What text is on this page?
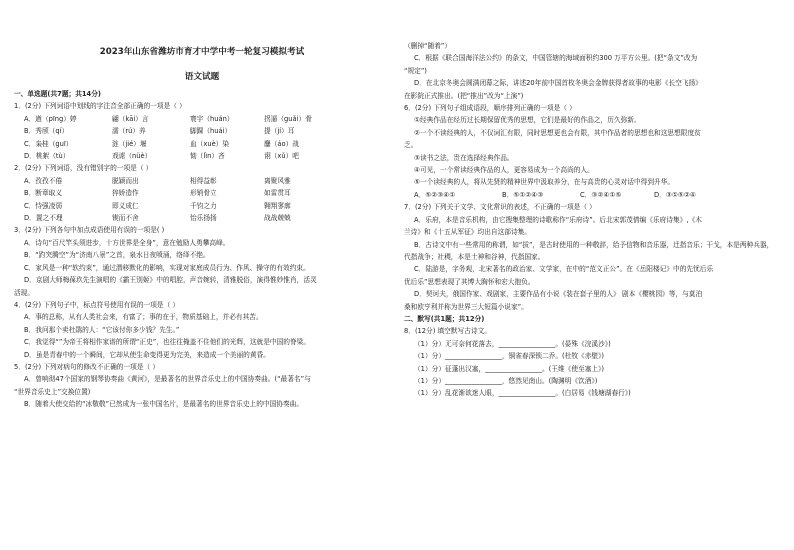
2023年山东省潍坊市育才中学中考一轮复习模拟考试
语文试题
一、单选题(共7题；共14分)
1．(2分) 下列词语中划线的字注音全部正确的一项是（ ）
A．遒（pīng）婷	翩（kāi）言	寰宇（huán）	拐逼（guǎi）骨
B．秀颀（qí）	濡（rú）养	脚踝（huái）	提（jí）耳
C．枭桂（guī）	涟（jié）堰	血（xuè）染	鏖（áo）战
D．桃絮（tù）	戏谑（nüè）	恸（lìn）吝	诩（xǔ）吧
2．(2分) 下列词语，没有错别字的一项是（ ）
A．孜孜不倦	脱颖而出	相得益彰	离聚风雅
B．断章取义	猝娇造作	形销骨立	如雷贯耳
C．恃强凌弱	即义成仁	千钧之力	翱翔寥廓
D．置之不理	锲而不舍	怡乐扬扬	战战兢兢
3．(2分) 下列各句中加点成语使用有误的一项是( )
A．诗句“百尺竿头须进步，十方世界是全身”，意在勉励人勇攀高峰。
B．“趵突腾空”为“济南八景”之首，泉水日夜喷涌，络绎不绝。
C．家风是一种“软约束”，通过潜移默化的影响，实现对家庭成员行为、作风、操守的有效约束。
D．京剧大师梅葆玖先生演唱的《霸王别姬》中的唱腔，声音婉转，清雅脱俗，演得惟妙惟肖，活灵
活现。
4．(2分) 下列句子中，标点符号使用有误的一项是（ ）
A．事的总称，从有人类社会来，有富了；事的在于，物质基础上，并必有其苦。
B．我问那个卖杜鹃的人：“它该付你多少钱？先生。”
C．我觉得“”为帝王将相作家谱的所谓“正史”，也往往掩盖不住他们的光辉，这就是中国的脊梁。
D．虽是青春中的一个瞬间，它却从使生命变得更为完美，来造成一个美丽的黄昏。
5．(2分) 下列对病句的修改不正确的一项是（ ）
A．曾响彻47个国家的钢琴协奏曲《黄河》，是最著名的世界音乐史上的中国协奏曲。(“最著名”与
“世界音乐史上”交换位置)
B．随着大使交给的“冰敬敬”已然成为一张中国名片，是最著名的世界音乐史上的中国协奏曲。
（删掉“随着”）
C．根据《联合国海洋法公约》的条文，中国管辖的海域面积约300 万平方公里。(把“条文”改为
“规定”)
D．在北京冬奥会圆满闭幕之际，讲述20年前中国首枚冬奥会金牌获得者故事的电影《长空飞扬》
在影院正式推出。(把“推出”改为“上演”)
6．(2分) 下列句子组成语段，顺序排列正确的一项是（ ）
①经典作品在经历过长期保留优秀的思想，它们是最好的作品之，历久弥新。
②一个不读经典的人，不仅词汇有限，同时思想更也会有限，其中作品者的思想也和这思想限度贫
乏。
③读书之法，贵在选择经典作品。
④可见，一个常读经典作品的人，更容易成为一个高尚的人。
⑤一个读经典的人，将从先贤的精神世界中汲取养分，在与高贵的心灵对话中得到升华。
A．⑤②③④①	B．⑤①②④③	C．③②④①⑤	D．③①⑤②④
7．(2分) 下列关于文学、文化常识的表述，不正确的一项是（ ）
A．乐府，本是音乐机构，由它搜集整理的诗歌称作“乐府诗”。后北宋郭茂倩编《乐府诗集》,《木
兰诗》和《十五从军征》均出自这部诗集。
B．古诗文中有一些常用的称谓，如“拔”，是古时使用的一种敬辞，给予信物和音乐器，迁指音乐；干戈，本是两种兵器，
代指战争；社稷，本是土神和谷神，代指国家。
C．陆游是，字务观，北宋著名的政治家、文学家，在中的“范文正公”。在《岳阳楼记》中的先忧后乐
优后乐”思想表现了其博大胸怀和宏大抱负。
D．契诃夫，俄国作家、戏剧家，主要作品有小说《装在套子里的人》 剧本《樱桃园》等，与莫泊
桑和欧亨利并称为世界三大短篇小说家”。
二、默写(共1题；共12分)
8．(12分) 填空默写古诗文。
（1）分）无可奈何花落去，_________________。(晏殊《浣溪沙》)
（1）分）_________________，铜雀春深锁二乔。(杜牧《赤壁》)
（1）分）征蓬出汉塞，_________________。(王维《使至塞上》)
（1）分）_________________，悠然见南山。(陶渊明《饮酒》)
（1）分）乱花渐欲迷人眼，_________________。(白居易《钱塘湖春行》)
